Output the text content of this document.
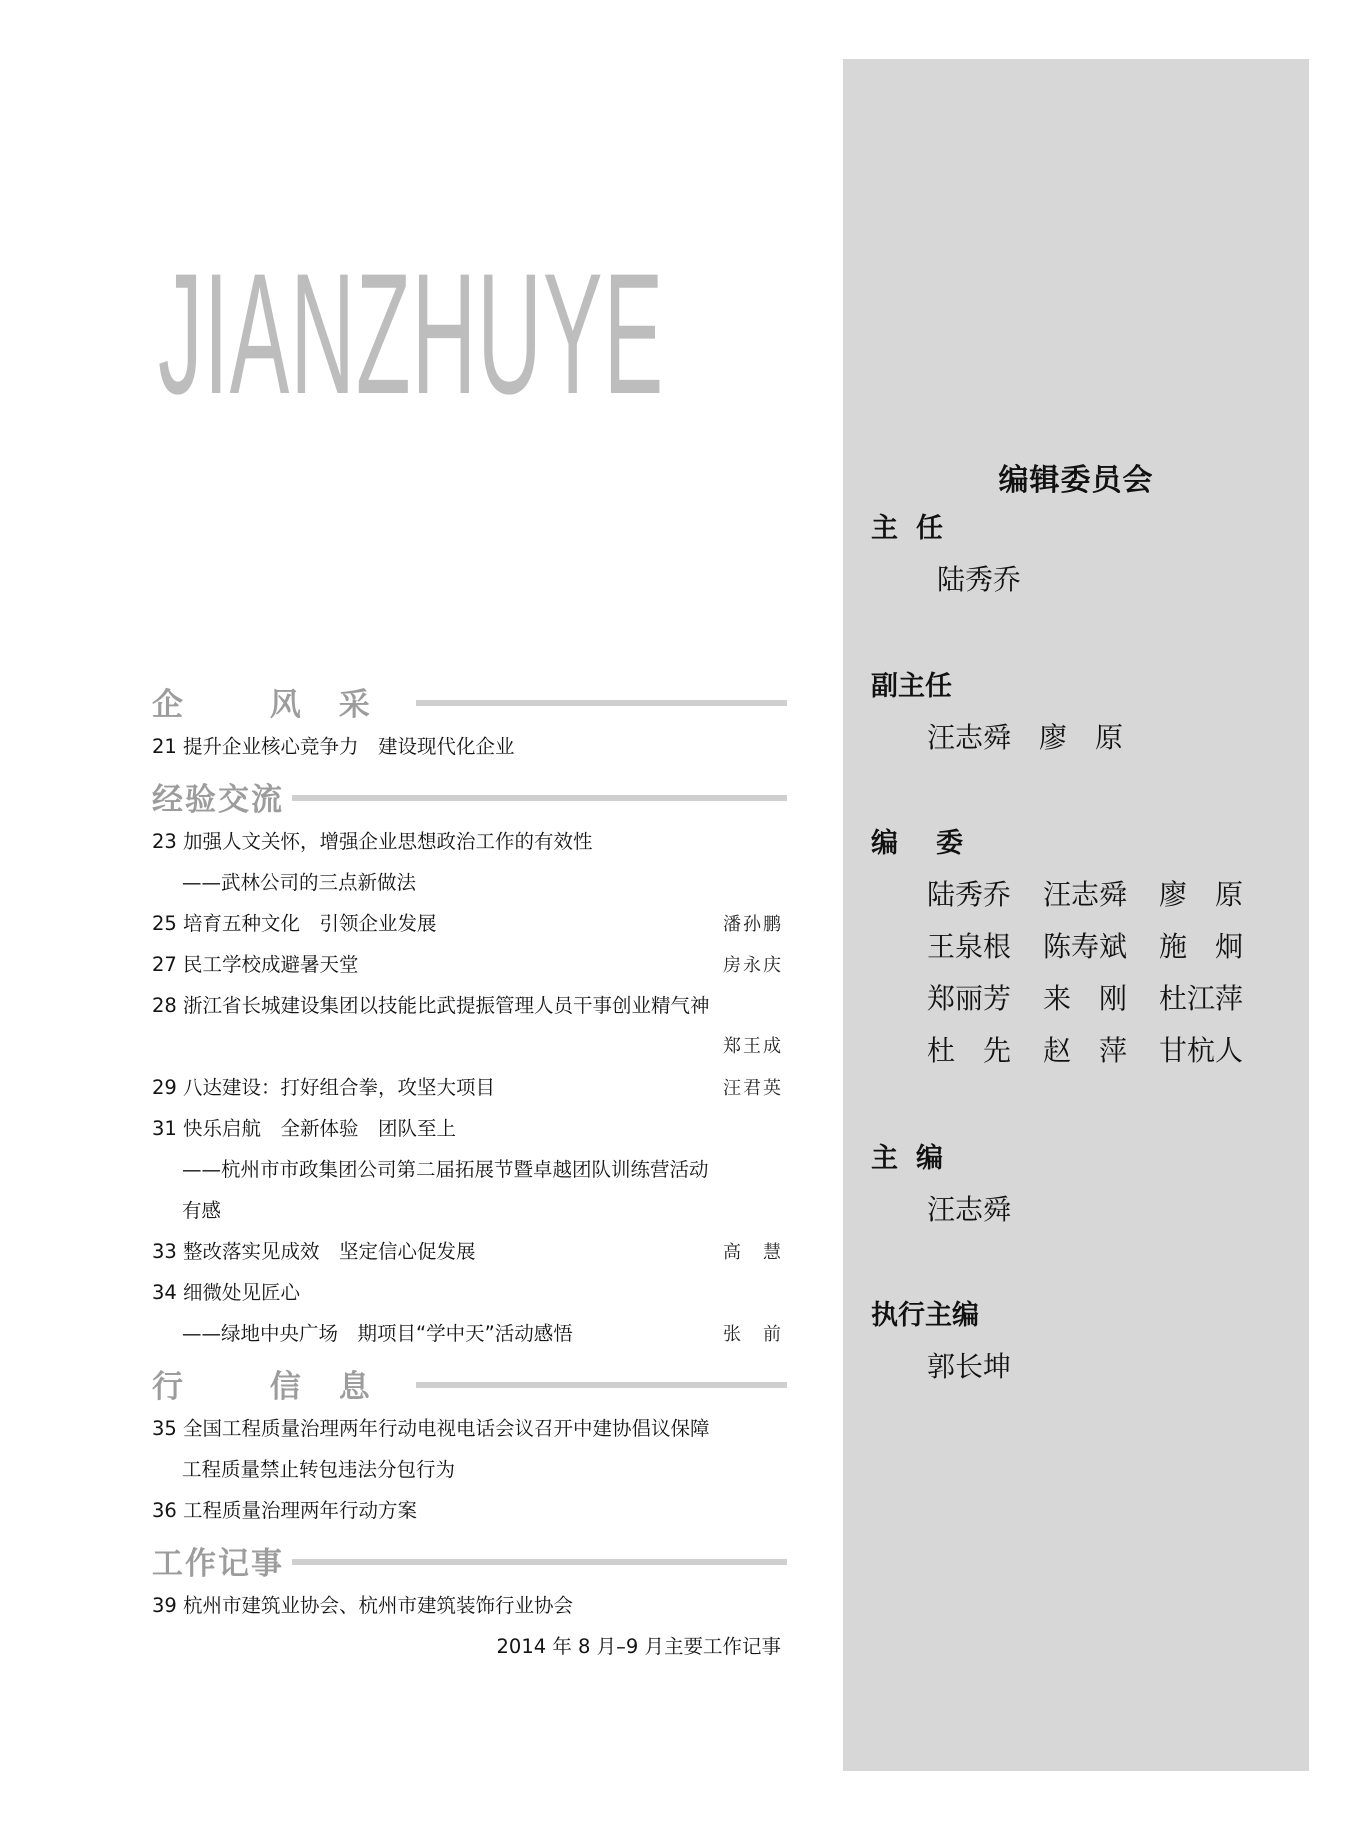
JIANZHUYE
企 风采
21 提升企业核心竞争力　建设现代化企业
经验交流
23 加强人文关怀，增强企业思想政治工作的有效性
——武林公司的三点新做法
25 培育五种文化　引领企业发展	潘孙鹏
27 民工学校成避暑天堂	房永庆
28 浙江省长城建设集团以技能比武提振管理人员干事创业精气神
郑王成
29 八达建设：打好组合拳，攻坚大项目	汪君英
31 快乐启航　全新体验　团队至上
——杭州市市政集团公司第二届拓展节暨卓越团队训练营活动
有感
33 整改落实见成效　坚定信心促发展	高　慧
34 细微处见匠心
——绿地中央广场　期项目“学中天”活动感悟	张　前
行 信息
35 全国工程质量治理两年行动电视电话会议召开中建协倡议保障
工程质量禁止转包违法分包行为
36 工程质量治理两年行动方案
工作记事
39 杭州市建筑业协会、杭州市建筑装饰行业协会
2014 年 8 月–9 月主要工作记事
编辑委员会
主任
陆秀乔
副主任
汪志舜　廖　原
编委
陆秀乔	汪志舜	廖　原
王泉根	陈寿斌	施　炯
郑丽芳	来　刚	杜江萍
杜　先	赵　萍	甘杭人
主编
汪志舜
执行主编
郭长坤
